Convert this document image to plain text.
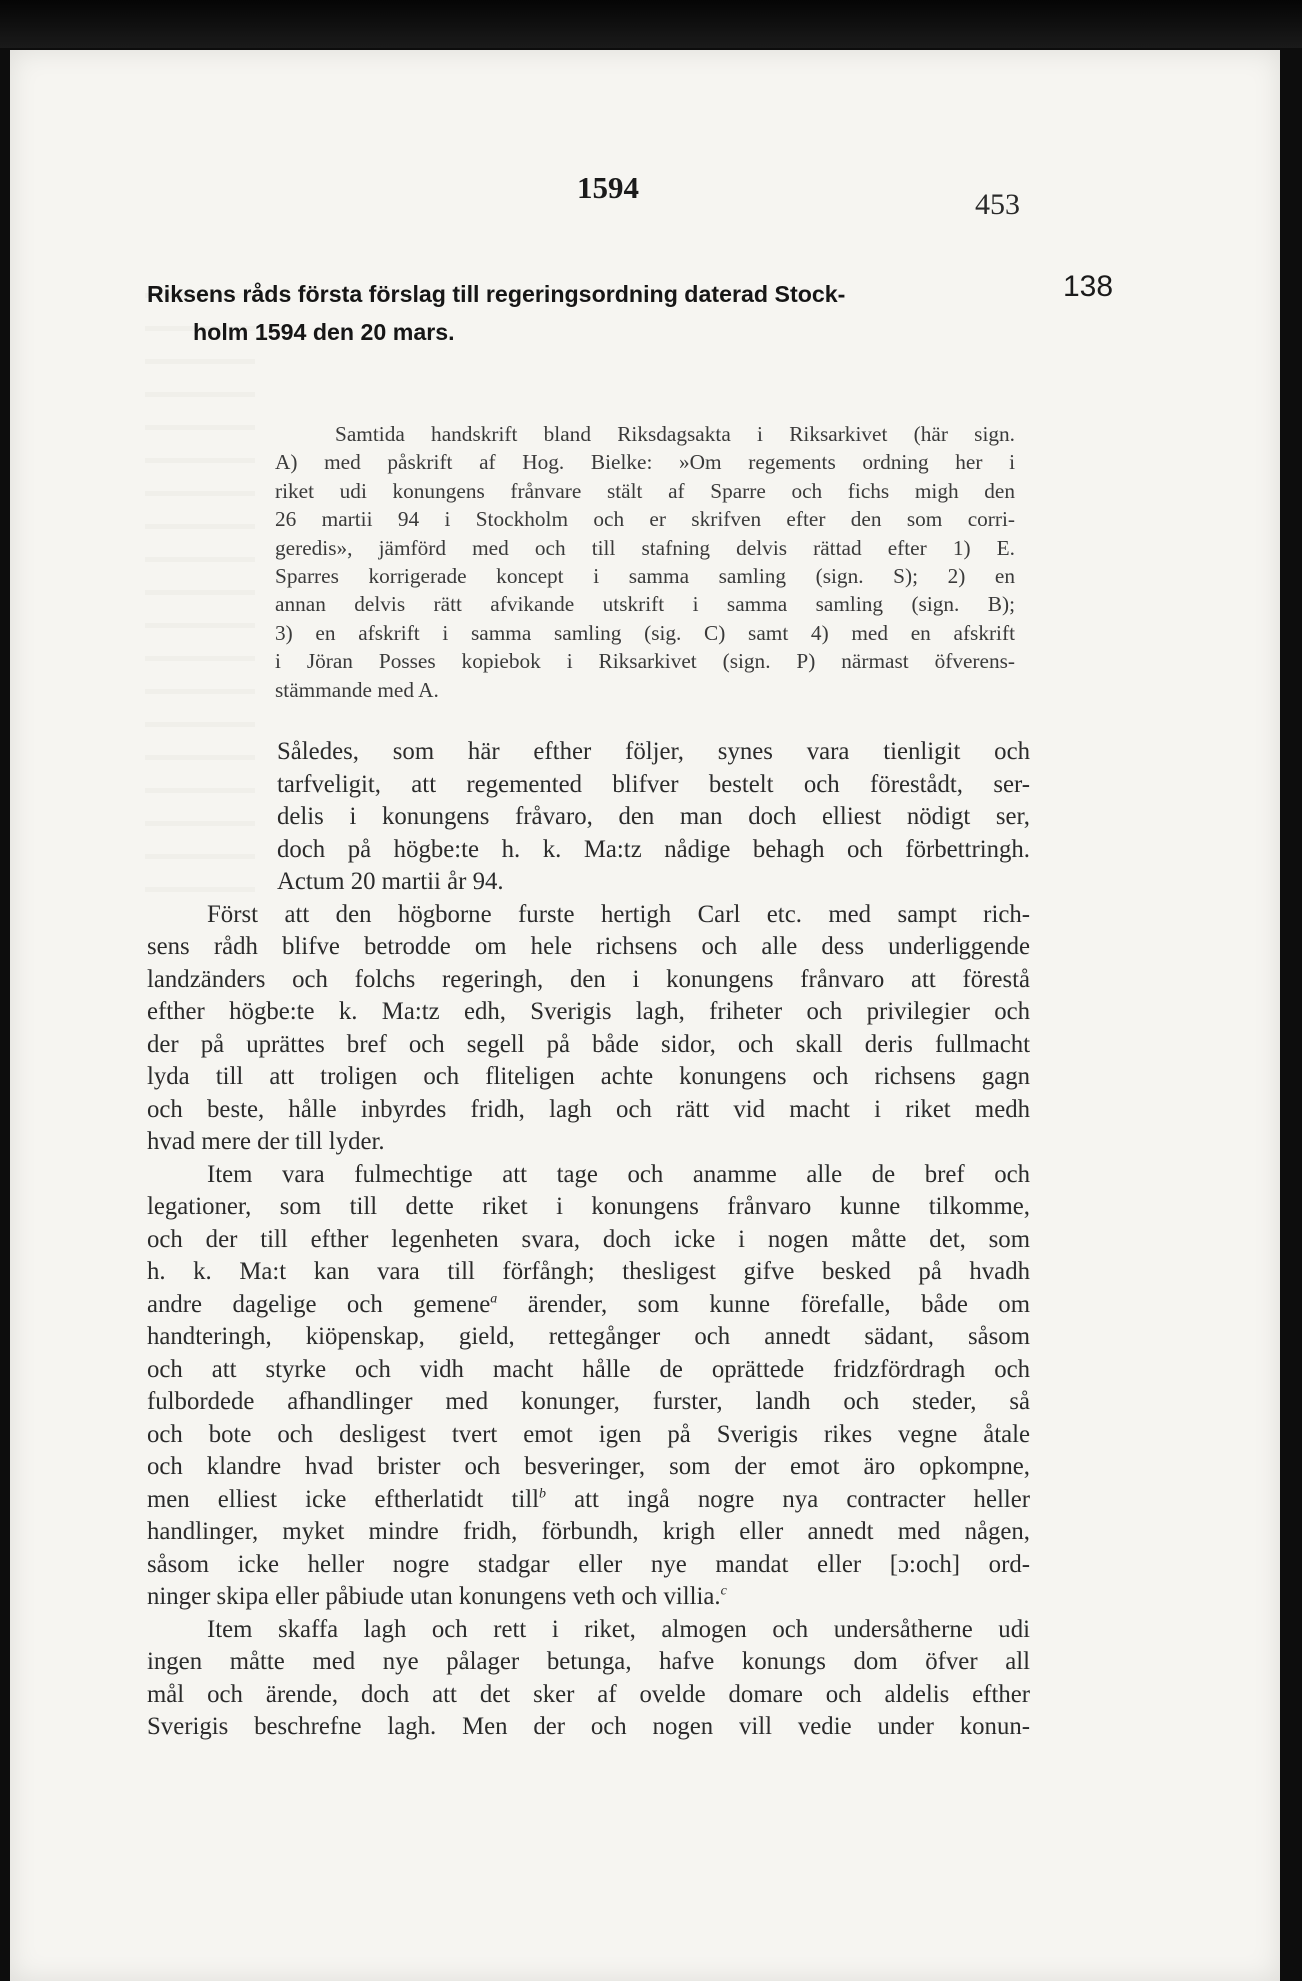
1594	453
138
Riksens råds första förslag till regeringsordning daterad Stock-
holm 1594 den 20 mars.
Samtida handskrift bland Riksdagsakta i Riksarkivet (här sign.
A) med påskrift af Hog. Bielke: »Om regements ordning her i
riket udi konungens frånvare stält af Sparre och fichs migh den
26 martii 94 i Stockholm och er skrifven efter den som corri-
geredis», jämförd med och till stafning delvis rättad efter 1) E.
Sparres korrigerade koncept i samma samling (sign. S); 2) en
annan delvis rätt afvikande utskrift i samma samling (sign. B);
3) en afskrift i samma samling (sig. C) samt 4) med en afskrift
i Jöran Posses kopiebok i Riksarkivet (sign. P) närmast öfverens-
stämmande med A.
Således, som här efther följer, synes vara tienligit och
tarfveligit, att regemented blifver bestelt och förestådt, ser-
delis i konungens fråvaro, den man doch elliest nödigt ser,
doch på högbe:te h. k. Ma:tz nådige behagh och förbettringh.
Actum 20 martii år 94.
Först att den högborne furste hertigh Carl etc. med sampt rich-
sens rådh blifve betrodde om hele richsens och alle dess underliggende
landzänders och folchs regeringh, den i konungens frånvaro att förestå
efther högbe:te k. Ma:tz edh, Sverigis lagh, friheter och privilegier och
der på uprättes bref och segell på både sidor, och skall deris fullmacht
lyda till att troligen och fliteligen achte konungens och richsens gagn
och beste, hålle inbyrdes fridh, lagh och rätt vid macht i riket medh
hvad mere der till lyder.
Item vara fulmechtige att tage och anamme alle de bref och
legationer, som till dette riket i konungens frånvaro kunne tilkomme,
och der till efther legenheten svara, doch icke i nogen måtte det, som
h. k. Ma:t kan vara till förfångh; thesligest gifve besked på hvadh
andre dagelige och gemene$^a$ ärender, som kunne förefalle, både om
handteringh, kiöpenskap, gield, rettegånger och annedt sädant, såsom
och att styrke och vidh macht hålle de oprättede fridzfördragh och
fulbordede afhandlinger med konunger, furster, landh och steder, så
och bote och desligest tvert emot igen på Sverigis rikes vegne åtale
och klandre hvad brister och besveringer, som der emot äro opkompne,
men elliest icke eftherlatidt till$^b$ att ingå nogre nya contracter heller
handlinger, myket mindre fridh, förbundh, krigh eller annedt med någen,
såsom icke heller nogre stadgar eller nye mandat eller [ɔ:och] ord-
ninger skipa eller påbiude utan konungens veth och villia.$^c$
Item skaffa lagh och rett i riket, almogen och undersåtherne udi
ingen måtte med nye pålager betunga, hafve konungs dom öfver all
mål och ärende, doch att det sker af ovelde domare och aldelis efther
Sverigis beschrefne lagh. Men der och nogen vill vedie under konun-
